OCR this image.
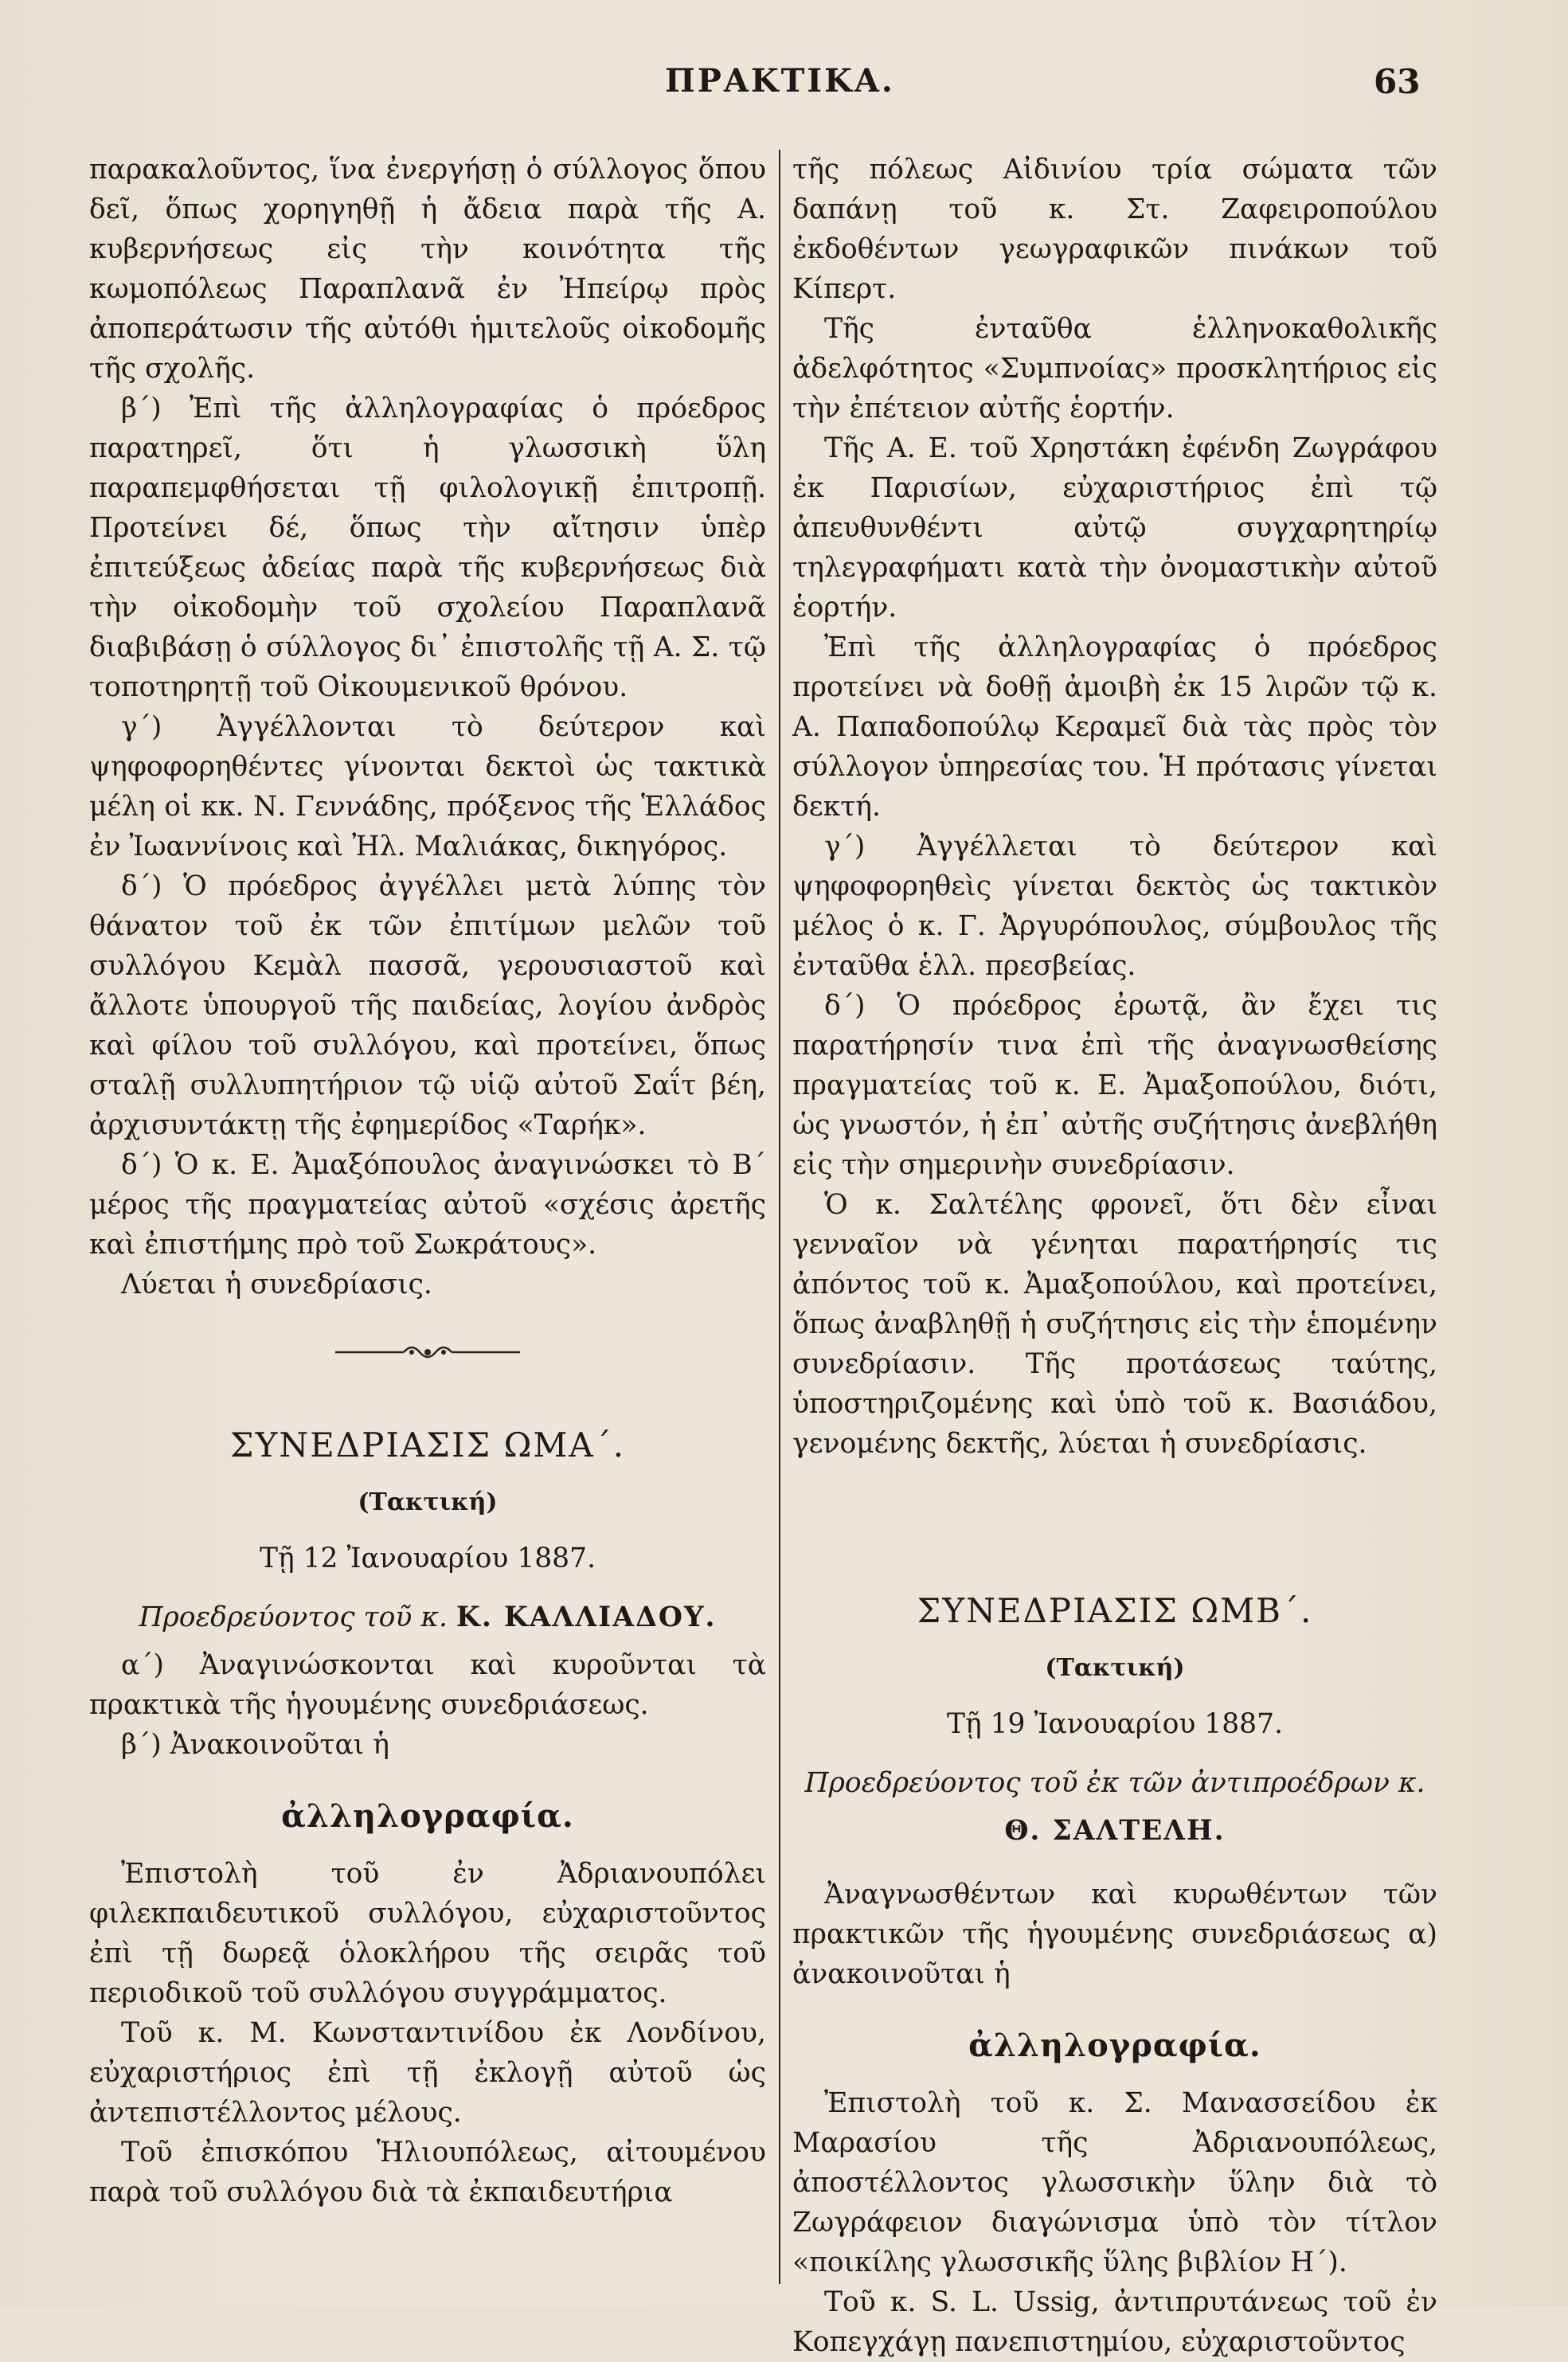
ΠΡΑΚΤΙΚΑ.	63

παρακαλοῦντος, ἵνα ἐνεργήσῃ ὁ σύλλογος ὅπου δεῖ, ὅπως χορηγηθῇ ἡ ἄδεια παρὰ τῆς Α. κυβερνήσεως εἰς τὴν κοινότητα τῆς κωμοπόλεως Παραπλανᾶ ἐν Ἠπείρῳ πρὸς ἀποπεράτωσιν τῆς αὐτόθι ἡμιτελοῦς οἰκοδομῆς τῆς σχολῆς.

β΄) Ἐπὶ τῆς ἀλληλογραφίας ὁ πρόεδρος παρατηρεῖ, ὅτι ἡ γλωσσικὴ ὕλη παραπεμφθήσεται τῇ φιλολογικῇ ἐπιτροπῇ. Προτείνει δέ, ὅπως τὴν αἴτησιν ὑπὲρ ἐπιτεύξεως ἀδείας παρὰ τῆς κυβερνήσεως διὰ τὴν οἰκοδομὴν τοῦ σχολείου Παραπλανᾶ διαβιβάσῃ ὁ σύλλογος δι᾽ ἐπιστολῆς τῇ Α. Σ. τῷ τοποτηρητῇ τοῦ Οἰκουμενικοῦ θρόνου.

γ΄) Ἀγγέλλονται τὸ δεύτερον καὶ ψηφοφορηθέντες γίνονται δεκτοὶ ὡς τακτικὰ μέλη οἱ κκ. Ν. Γεννάδης, πρόξενος τῆς Ἑλλάδος ἐν Ἰωαννίνοις καὶ Ἠλ. Μαλιάκας, δικηγόρος.

δ΄) Ὁ πρόεδρος ἀγγέλλει μετὰ λύπης τὸν θάνατον τοῦ ἐκ τῶν ἐπιτίμων μελῶν τοῦ συλλόγου Κεμὰλ πασσᾶ, γερουσιαστοῦ καὶ ἄλλοτε ὑπουργοῦ τῆς παιδείας, λογίου ἀνδρὸς καὶ φίλου τοῦ συλλόγου, καὶ προτείνει, ὅπως σταλῇ συλλυπητήριον τῷ υἱῷ αὐτοῦ Σαΐτ βέη, ἀρχισυντάκτῃ τῆς ἐφημερίδος «Ταρήκ».

δ΄) Ὁ κ. Ε. Ἀμαξόπουλος ἀναγινώσκει τὸ Β΄ μέρος τῆς πραγματείας αὐτοῦ «σχέσις ἀρετῆς καὶ ἐπιστήμης πρὸ τοῦ Σωκράτους».

Λύεται ἡ συνεδρίασις.

ΣΥΝΕΔΡΙΑΣΙΣ ΩΜΑ΄.

(Τακτική)

Τῇ 12 Ἰανουαρίου 1887.

Προεδρεύοντος τοῦ κ. Κ. ΚΑΛΛΙΑΔΟΥ.

α΄) Ἀναγινώσκονται καὶ κυροῦνται τὰ πρακτικὰ τῆς ἡγουμένης συνεδριάσεως.

β΄) Ἀνακοινοῦται ἡ

ἀλληλογραφία.

Ἐπιστολὴ τοῦ ἐν Ἀδριανουπόλει φιλεκπαιδευτικοῦ συλλόγου, εὐχαριστοῦντος ἐπὶ τῇ δωρεᾷ ὁλοκλήρου τῆς σειρᾶς τοῦ περιοδικοῦ τοῦ συλλόγου συγγράμματος.

Τοῦ κ. Μ. Κωνσταντινίδου ἐκ Λονδίνου, εὐχαριστήριος ἐπὶ τῇ ἐκλογῇ αὐτοῦ ὡς ἀντεπιστέλλοντος μέλους.

Τοῦ ἐπισκόπου Ἡλιουπόλεως, αἰτουμένου παρὰ τοῦ συλλόγου διὰ τὰ ἐκπαιδευτήρια

τῆς πόλεως Αἰδινίου τρία σώματα τῶν δαπάνῃ τοῦ κ. Στ. Ζαφειροπούλου ἐκδοθέντων γεωγραφικῶν πινάκων τοῦ Κίπερτ.

Τῆς ἐνταῦθα ἑλληνοκαθολικῆς ἀδελφότητος «Συμπνοίας» προσκλητήριος εἰς τὴν ἐπέτειον αὐτῆς ἑορτήν.

Τῆς Α. Ε. τοῦ Χρηστάκη ἐφένδη Ζωγράφου ἐκ Παρισίων, εὐχαριστήριος ἐπὶ τῷ ἀπευθυνθέντι αὐτῷ συγχαρητηρίῳ τηλεγραφήματι κατὰ τὴν ὀνομαστικὴν αὐτοῦ ἑορτήν.

Ἐπὶ τῆς ἀλληλογραφίας ὁ πρόεδρος προτείνει νὰ δοθῇ ἀμοιβὴ ἐκ 15 λιρῶν τῷ κ. Α. Παπαδοπούλῳ Κεραμεῖ διὰ τὰς πρὸς τὸν σύλλογον ὑπηρεσίας του. Ἡ πρότασις γίνεται δεκτή.

γ΄) Ἀγγέλλεται τὸ δεύτερον καὶ ψηφοφορηθεὶς γίνεται δεκτὸς ὡς τακτικὸν μέλος ὁ κ. Γ. Ἀργυρόπουλος, σύμβουλος τῆς ἐνταῦθα ἑλλ. πρεσβείας.

δ΄) Ὁ πρόεδρος ἐρωτᾷ, ἂν ἔχει τις παρατήρησίν τινα ἐπὶ τῆς ἀναγνωσθείσης πραγματείας τοῦ κ. Ε. Ἀμαξοπούλου, διότι, ὡς γνωστόν, ἡ ἐπ᾽ αὐτῆς συζήτησις ἀνεβλήθη εἰς τὴν σημερινὴν συνεδρίασιν.

Ὁ κ. Σαλτέλης φρονεῖ, ὅτι δὲν εἶναι γενναῖον νὰ γένηται παρατήρησίς τις ἀπόντος τοῦ κ. Ἀμαξοπούλου, καὶ προτείνει, ὅπως ἀναβληθῇ ἡ συζήτησις εἰς τὴν ἑπομένην συνεδρίασιν. Τῆς προτάσεως ταύτης, ὑποστηριζομένης καὶ ὑπὸ τοῦ κ. Βασιάδου, γενομένης δεκτῆς, λύεται ἡ συνεδρίασις.

ΣΥΝΕΔΡΙΑΣΙΣ ΩΜΒ΄.

(Τακτική)

Τῇ 19 Ἰανουαρίου 1887.

Προεδρεύοντος τοῦ ἐκ τῶν ἀντιπροέδρων κ.

Θ. ΣΑΛΤΕΛΗ.

Ἀναγνωσθέντων καὶ κυρωθέντων τῶν πρακτικῶν τῆς ἡγουμένης συνεδριάσεως α) ἀνακοινοῦται ἡ

ἀλληλογραφία.

Ἐπιστολὴ τοῦ κ. Σ. Μανασσείδου ἐκ Μαρασίου τῆς Ἀδριανουπόλεως, ἀποστέλλοντος γλωσσικὴν ὕλην διὰ τὸ Ζωγράφειον διαγώνισμα ὑπὸ τὸν τίτλον «ποικίλης γλωσσικῆς ὕλης βιβλίον Η΄).

Τοῦ κ. S. L. Ussig, ἀντιπρυτάνεως τοῦ ἐν Κοπεγχάγῃ πανεπιστημίου, εὐχαριστοῦντος
